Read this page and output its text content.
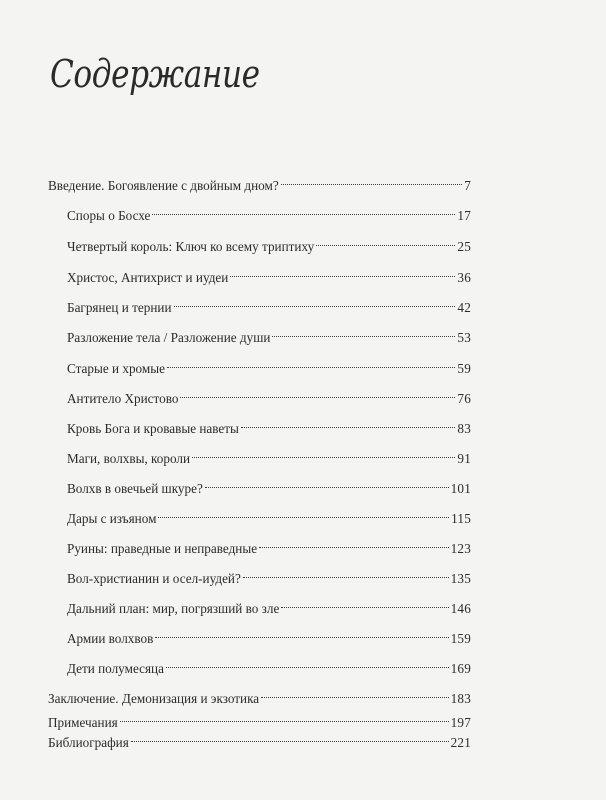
Содержание
Введение. Богоявление с двойным дном?	7
Споры о Босхе	17
Четвертый король: Ключ ко всему триптиху	25
Христос, Антихрист и иудеи	36
Багрянец и тернии	42
Разложение тела / Разложение души	53
Старые и хромые	59
Антитело Христово	76
Кровь Бога и кровавые наветы	83
Маги, волхвы, короли	91
Волхв в овечьей шкуре?	101
Дары с изъяном	115
Руины: праведные и неправедные	123
Вол-христианин и осел-иудей?	135
Дальний план: мир, погрязший во зле	146
Армии волхвов	159
Дети полумесяца	169
Заключение. Демонизация и экзотика	183
Примечания	197
Библиография	221
